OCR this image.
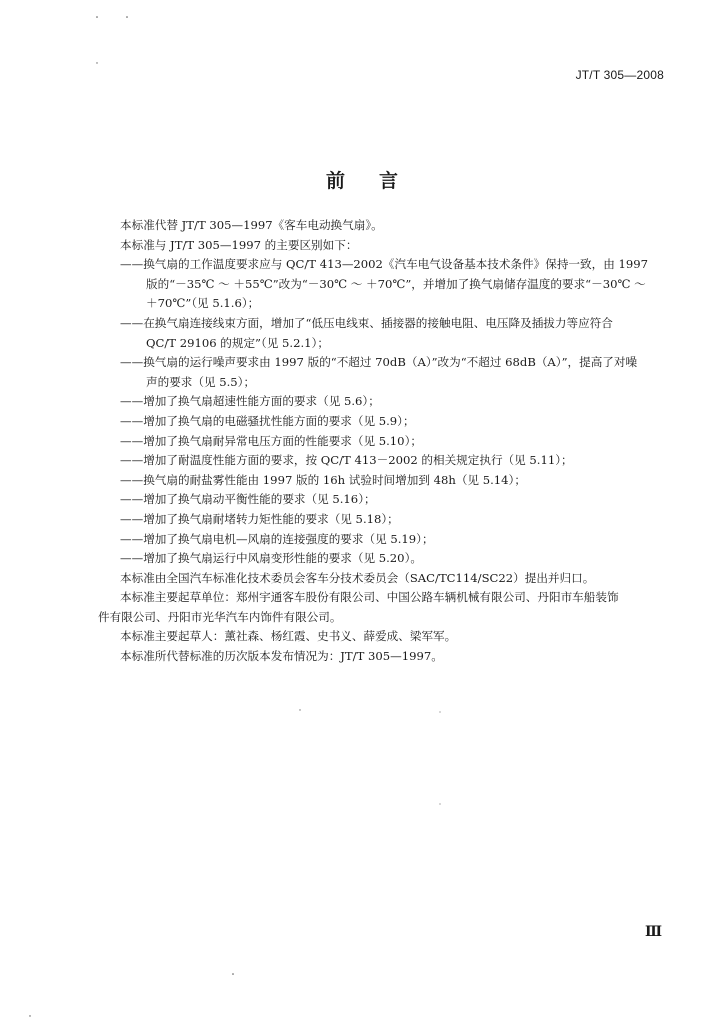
JT/T 305—2008
前 言

本标准代替 JT/T 305—1997《客车电动换气扇》。

本标准与 JT/T 305—1997 的主要区别如下：

——换气扇的工作温度要求应与 QC/T 413—2002《汽车电气设备基本技术条件》保持一致，由 1997

版的“－35℃ ～ ＋55℃”改为“－30℃ ～ ＋70℃”，并增加了换气扇储存温度的要求“－30℃ ～

＋70℃”（见 5.1.6）；

——在换气扇连接线束方面，增加了“低压电线束、插接器的接触电阻、电压降及插拔力等应符合

QC/T 29106 的规定”（见 5.2.1）；

——换气扇的运行噪声要求由 1997 版的“不超过 70dB（A）”改为“不超过 68dB（A）”，提高了对噪

声的要求（见 5.5）；

——增加了换气扇超速性能方面的要求（见 5.6）；

——增加了换气扇的电磁骚扰性能方面的要求（见 5.9）；

——增加了换气扇耐异常电压方面的性能要求（见 5.10）；

——增加了耐温度性能方面的要求，按 QC/T 413－2002 的相关规定执行（见 5.11）；

——换气扇的耐盐雾性能由 1997 版的 16h 试验时间增加到 48h（见 5.14）；

——增加了换气扇动平衡性能的要求（见 5.16）；

——增加了换气扇耐堵转力矩性能的要求（见 5.18）；

——增加了换气扇电机—风扇的连接强度的要求（见 5.19）；

——增加了换气扇运行中风扇变形性能的要求（见 5.20）。

本标准由全国汽车标准化技术委员会客车分技术委员会（SAC/TC114/SC22）提出并归口。

本标准主要起草单位：郑州宇通客车股份有限公司、中国公路车辆机械有限公司、丹阳市车船装饰

件有限公司、丹阳市光华汽车内饰件有限公司。

本标准主要起草人：薰社森、杨红霞、史书义、薛爱成、梁军军。

本标准所代替标准的历次版本发布情况为：JT/T 305—1997。

Ⅲ
